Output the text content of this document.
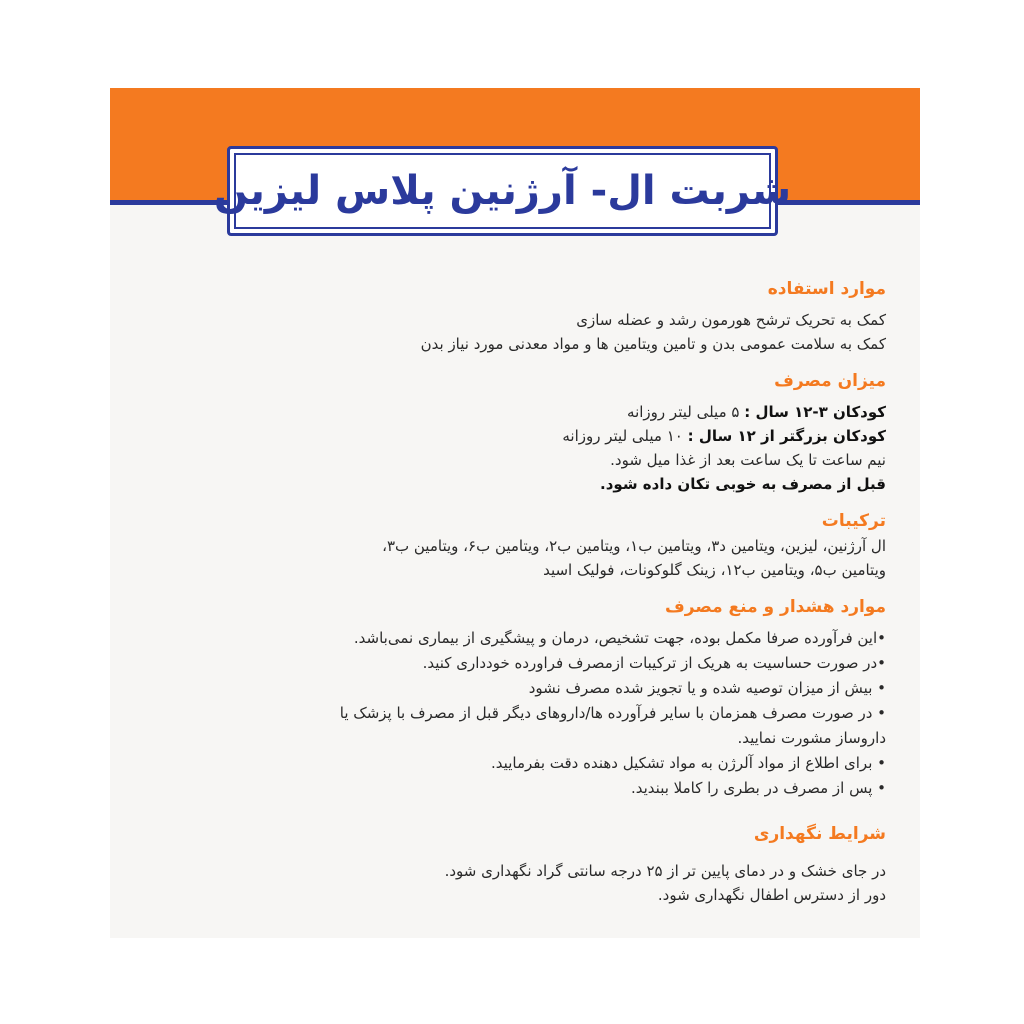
شربت ال- آرژنین پلاس لیزین

موارد استفاده

کمک به تحریک ترشح هورمون رشد و عضله سازی

کمک به سلامت عمومی بدن و تامین ویتامین ها و مواد معدنی مورد نیاز بدن

میزان مصرف

کودکان ۳-۱۲ سال : ۵ میلی لیتر روزانه

کودکان بزرگتر از ۱۲ سال : ۱۰ میلی لیتر روزانه

نیم ساعت تا یک ساعت بعد از غذا میل شود.

قبل از مصرف به خوبی تکان داده شود.

ترکیبات

ال آرژنین، لیزین، ویتامین د۳، ویتامین ب۱، ویتامین ب۲، ویتامین ب۶، ویتامین ب۳،

ویتامین ب۵، ویتامین ب۱۲، زینک گلوکونات، فولیک اسید

موارد هشدار و منع مصرف

•این فرآورده صرفا مکمل بوده، جهت تشخیص، درمان و پیشگیری از بیماری نمی‌باشد.

•در صورت حساسیت به هریک از ترکیبات ازمصرف فراورده خودداری کنید.

• بیش از میزان توصیه شده و یا تجویز شده مصرف نشود

• در صورت مصرف همزمان با سایر فرآورده ها/داروهای دیگر قبل از مصرف با پزشک یا

داروساز مشورت نمایید.

• برای اطلاع از مواد آلرژن به مواد تشکیل دهنده دقت بفرمایید.

• پس از مصرف در بطری را کاملا ببندید.

شرایط نگهداری

در جای خشک و در دمای پایین تر از ۲۵ درجه سانتی گراد نگهداری شود.

دور از دسترس اطفال نگهداری شود.
